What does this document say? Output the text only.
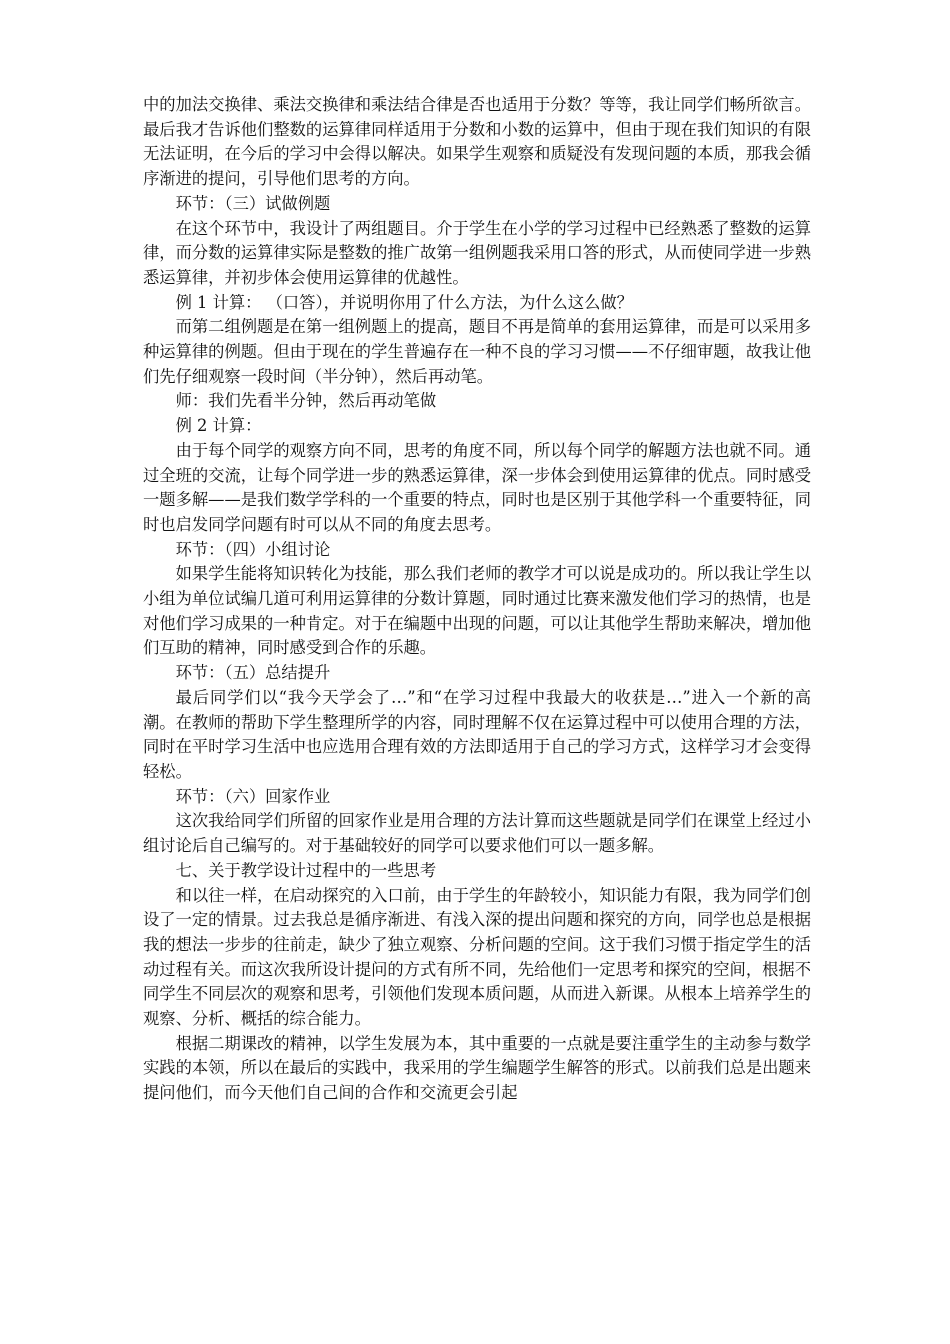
中的加法交换律、乘法交换律和乘法结合律是否也适用于分数？等等，我让同学们畅所欲言。最后我才告诉他们整数的运算律同样适用于分数和小数的运算中，但由于现在我们知识的有限无法证明，在今后的学习中会得以解决。如果学生观察和质疑没有发现问题的本质，那我会循序渐进的提问，引导他们思考的方向。

环节：（三）试做例题

在这个环节中，我设计了两组题目。介于学生在小学的学习过程中已经熟悉了整数的运算律，而分数的运算律实际是整数的推广故第一组例题我采用口答的形式，从而使同学进一步熟悉运算律，并初步体会使用运算律的优越性。

例 1 计算： （口答），并说明你用了什么方法，为什么这么做？

而第二组例题是在第一组例题上的提高，题目不再是简单的套用运算律，而是可以采用多种运算律的例题。但由于现在的学生普遍存在一种不良的学习习惯——不仔细审题，故我让他们先仔细观察一段时间（半分钟），然后再动笔。

师：我们先看半分钟，然后再动笔做

例 2 计算：

由于每个同学的观察方向不同，思考的角度不同，所以每个同学的解题方法也就不同。通过全班的交流，让每个同学进一步的熟悉运算律，深一步体会到使用运算律的优点。同时感受一题多解——是我们数学学科的一个重要的特点，同时也是区别于其他学科一个重要特征，同时也启发同学问题有时可以从不同的角度去思考。

环节：（四）小组讨论

如果学生能将知识转化为技能，那么我们老师的教学才可以说是成功的。所以我让学生以小组为单位试编几道可利用运算律的分数计算题，同时通过比赛来激发他们学习的热情，也是对他们学习成果的一种肯定。对于在编题中出现的问题，可以让其他学生帮助来解决，增加他们互助的精神，同时感受到合作的乐趣。

环节：（五）总结提升

最后同学们以“我今天学会了…”和“在学习过程中我最大的收获是…”进入一个新的高潮。在教师的帮助下学生整理所学的内容，同时理解不仅在运算过程中可以使用合理的方法，同时在平时学习生活中也应选用合理有效的方法即适用于自己的学习方式，这样学习才会变得轻松。

环节：（六）回家作业

这次我给同学们所留的回家作业是用合理的方法计算而这些题就是同学们在课堂上经过小组讨论后自己编写的。对于基础较好的同学可以要求他们可以一题多解。

七、关于教学设计过程中的一些思考

和以往一样，在启动探究的入口前，由于学生的年龄较小，知识能力有限，我为同学们创设了一定的情景。过去我总是循序渐进、有浅入深的提出问题和探究的方向，同学也总是根据我的想法一步步的往前走，缺少了独立观察、分析问题的空间。这于我们习惯于指定学生的活动过程有关。而这次我所设计提问的方式有所不同，先给他们一定思考和探究的空间，根据不同学生不同层次的观察和思考，引领他们发现本质问题，从而进入新课。从根本上培养学生的观察、分析、概括的综合能力。

根据二期课改的精神，以学生发展为本，其中重要的一点就是要注重学生的主动参与数学实践的本领，所以在最后的实践中，我采用的学生编题学生解答的形式。以前我们总是出题来提问他们，而今天他们自己间的合作和交流更会引起
